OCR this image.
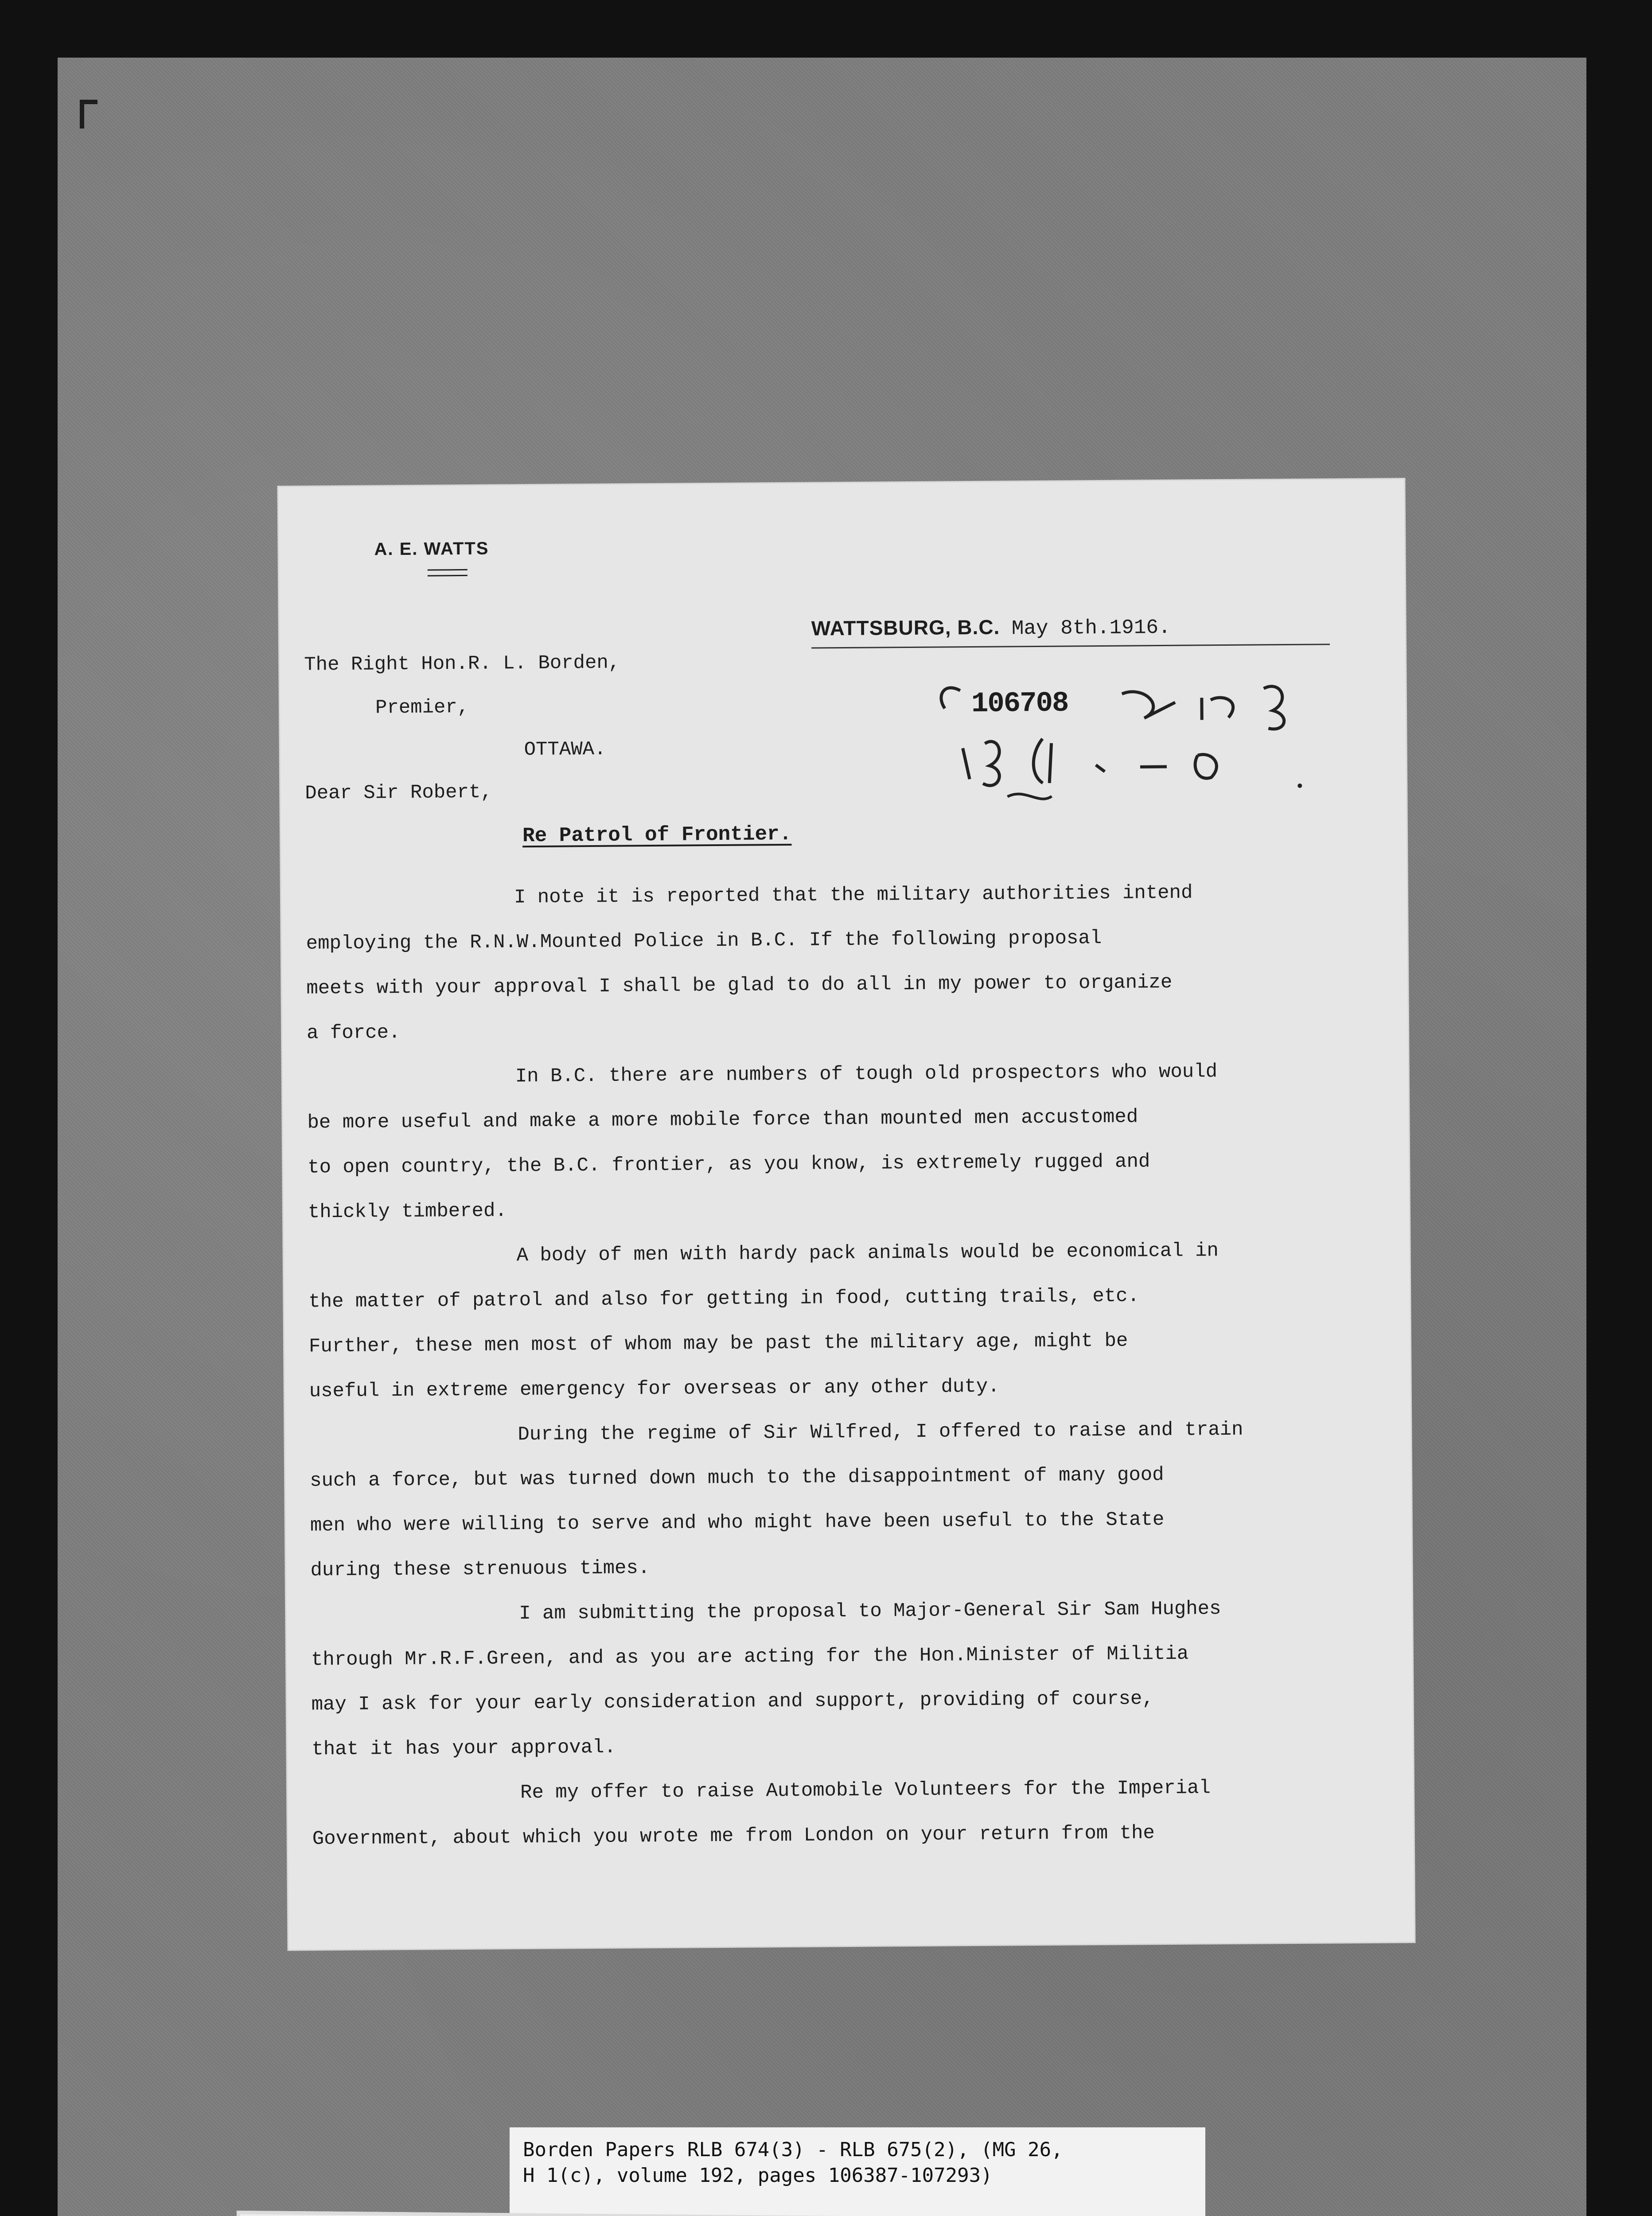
A. E. WATTS
WATTSBURG, B.C. May 8th.1916.
The Right Hon.R. L. Borden,
Premier,
OTTAWA.
106708
Dear Sir Robert,
Re Patrol of Frontier.
I note it is reported that the military authorities intend
employing the R.N.W.Mounted Police in B.C. If the following proposal
meets with your approval I shall be glad to do all in my power to organize
a force.
In B.C. there are numbers of tough old prospectors who would
be more useful and make a more mobile force than mounted men accustomed
to open country, the B.C. frontier, as you know, is extremely rugged and
thickly timbered.
A body of men with hardy pack animals would be economical in
the matter of patrol and also for getting in food, cutting trails, etc.
Further, these men most of whom may be past the military age, might be
useful in extreme emergency for overseas or any other duty.
During the regime of Sir Wilfred, I offered to raise and train
such a force, but was turned down much to the disappointment of many good
men who were willing to serve and who might have been useful to the State
during these strenuous times.
I am submitting the proposal to Major-General Sir Sam Hughes
through Mr.R.F.Green, and as you are acting for the Hon.Minister of Militia
may I ask for your early consideration and support, providing of course,
that it has your approval.
Re my offer to raise Automobile Volunteers for the Imperial
Government, about which you wrote me from London on your return from the
Borden Papers RLB 674(3) - RLB 675(2), (MG 26,
H 1(c), volume 192, pages 106387-107293)
